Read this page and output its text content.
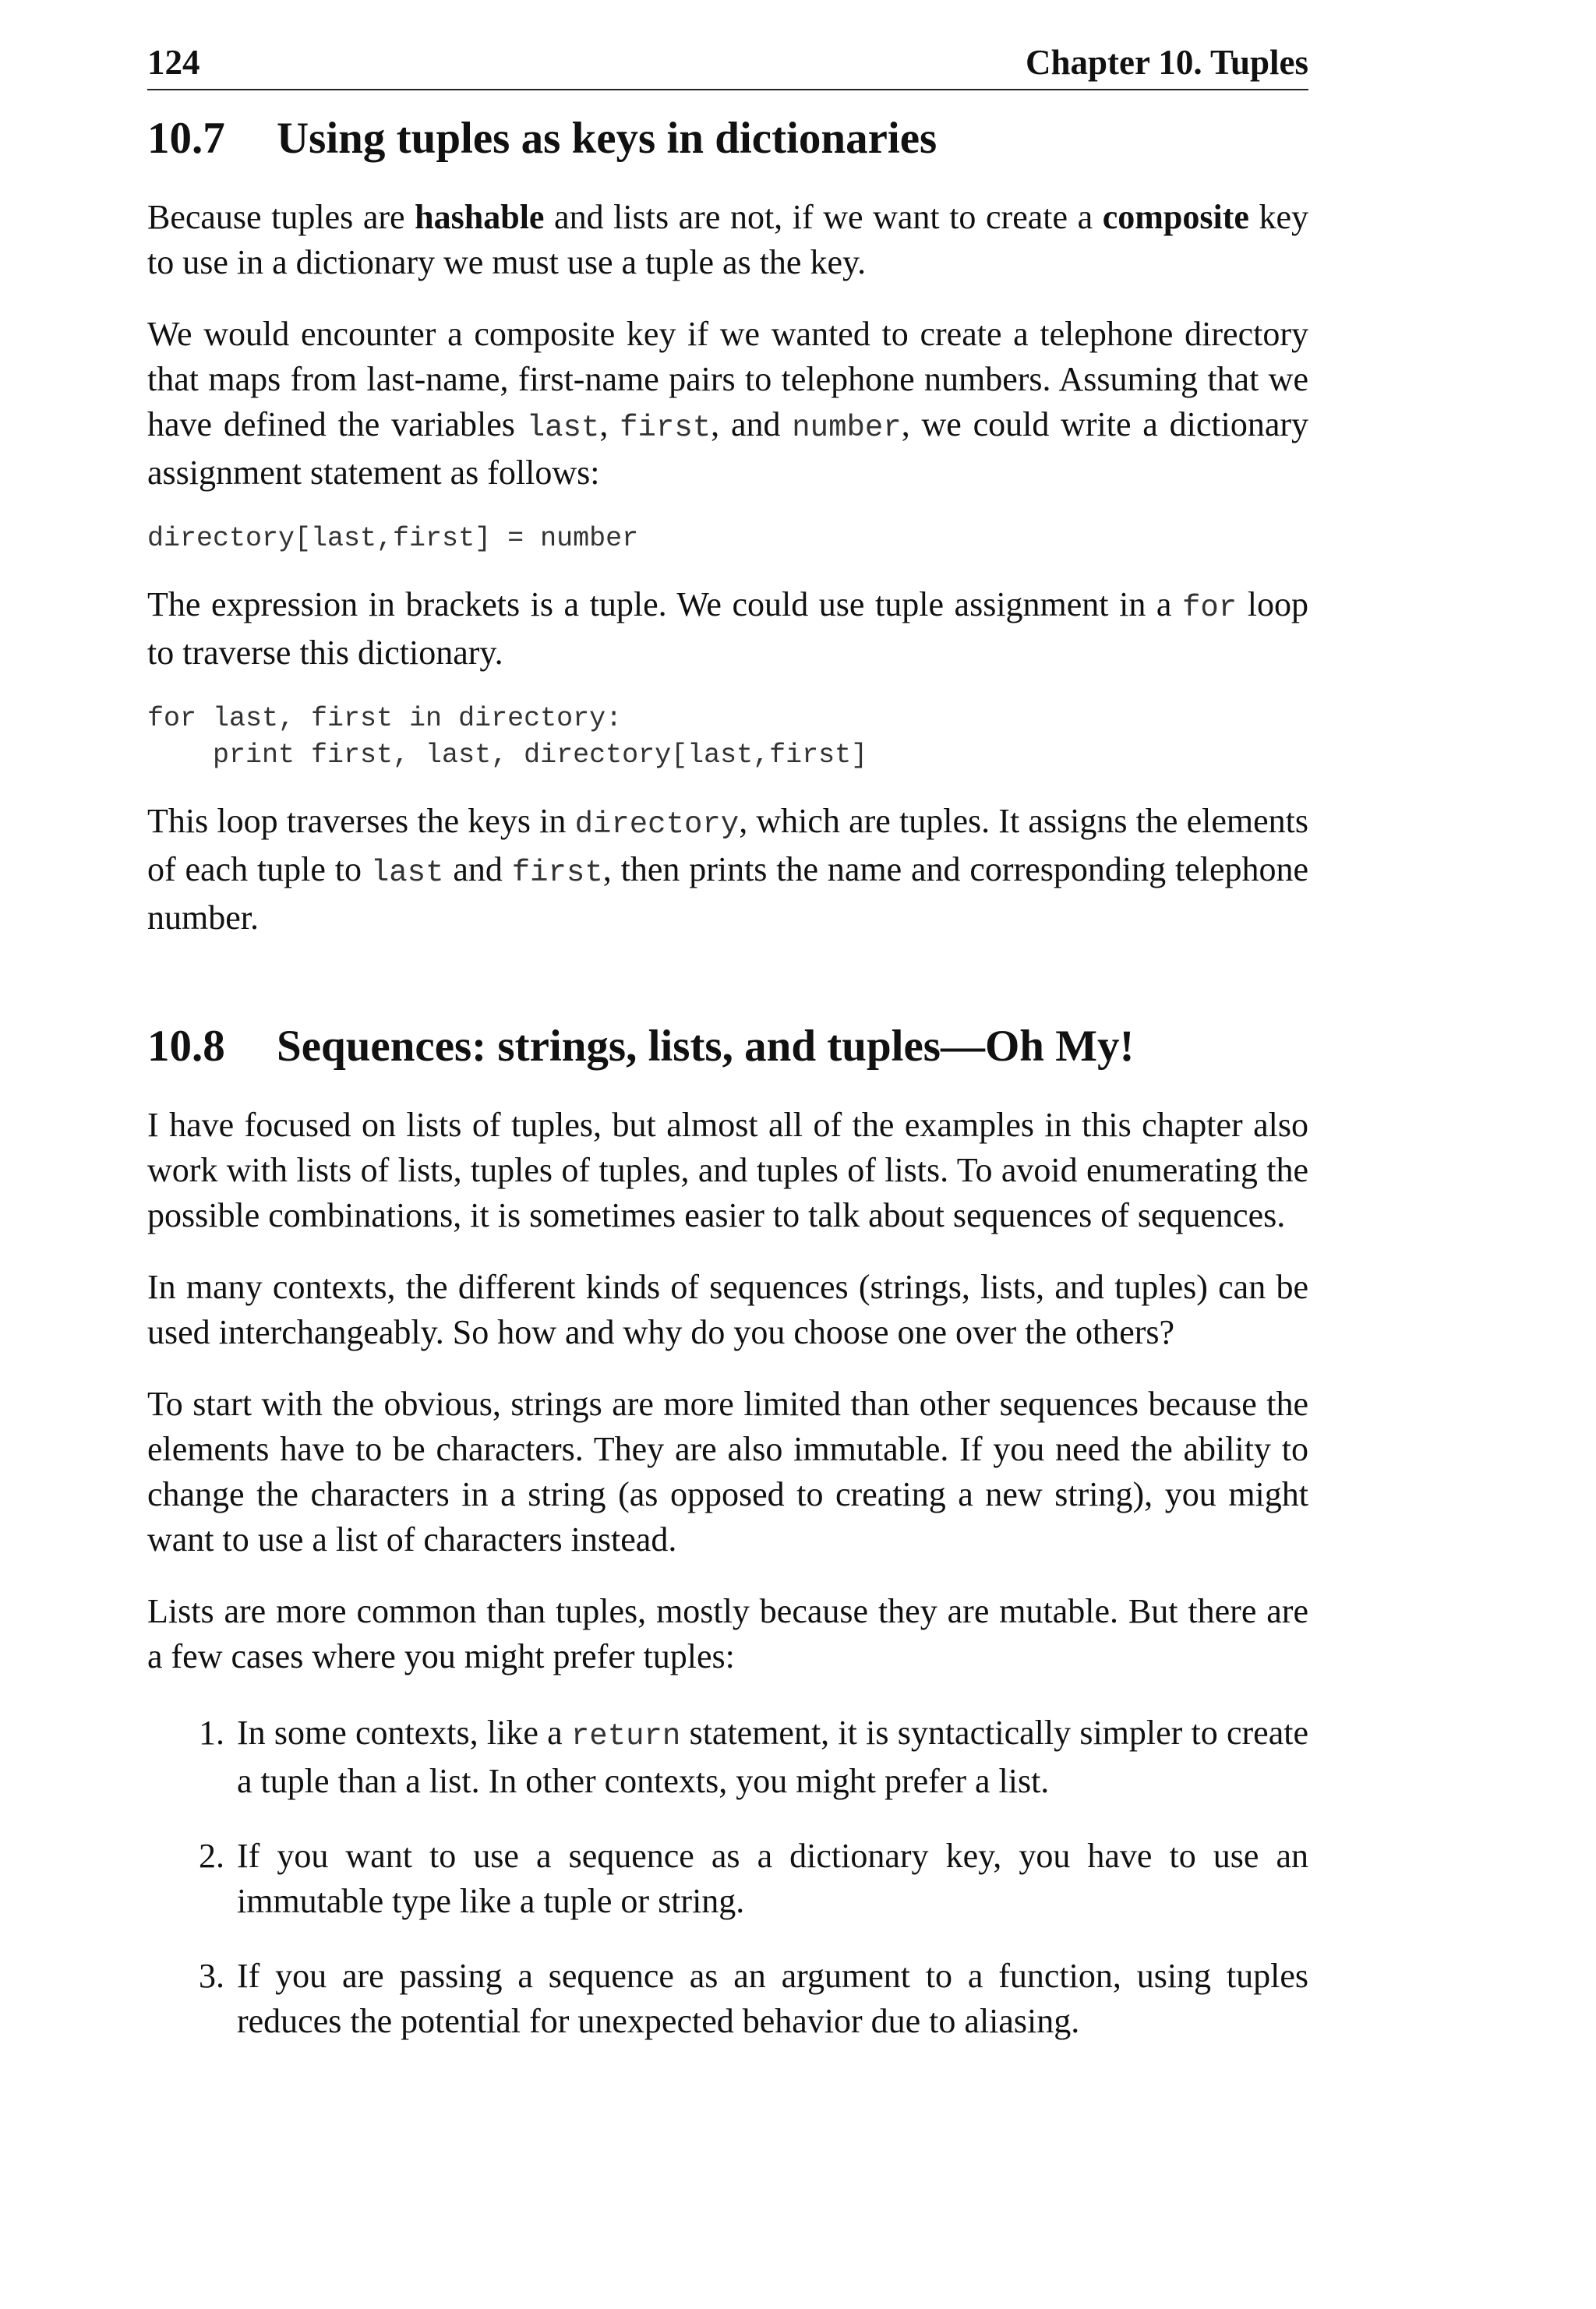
124	Chapter 10. Tuples
10.7	Using tuples as keys in dictionaries

Because tuples are hashable and lists are not, if we want to create a composite key to use in a dictionary we must use a tuple as the key.

We would encounter a composite key if we wanted to create a telephone directory that maps from last-name, first-name pairs to telephone numbers. Assuming that we have defined the variables last, first, and number, we could write a dictionary assignment statement as follows:

directory[last,first] = number

The expression in brackets is a tuple. We could use tuple assignment in a for loop to traverse this dictionary.

for last, first in directory:
print first, last, directory[last,first]

This loop traverses the keys in directory, which are tuples. It assigns the elements of each tuple to last and first, then prints the name and corresponding telephone number.

10.8	Sequences: strings, lists, and tuples—Oh My!

I have focused on lists of tuples, but almost all of the examples in this chapter also work with lists of lists, tuples of tuples, and tuples of lists. To avoid enumerating the possible combinations, it is sometimes easier to talk about sequences of sequences.

In many contexts, the different kinds of sequences (strings, lists, and tuples) can be used interchangeably. So how and why do you choose one over the others?

To start with the obvious, strings are more limited than other sequences because the elements have to be characters. They are also immutable. If you need the ability to change the characters in a string (as opposed to creating a new string), you might want to use a list of characters instead.

Lists are more common than tuples, mostly because they are mutable. But there are a few cases where you might prefer tuples:

1. In some contexts, like a return statement, it is syntactically simpler to create a tuple than a list. In other contexts, you might prefer a list.
2. If you want to use a sequence as a dictionary key, you have to use an immutable type like a tuple or string.
3. If you are passing a sequence as an argument to a function, using tuples reduces the potential for unexpected behavior due to aliasing.
